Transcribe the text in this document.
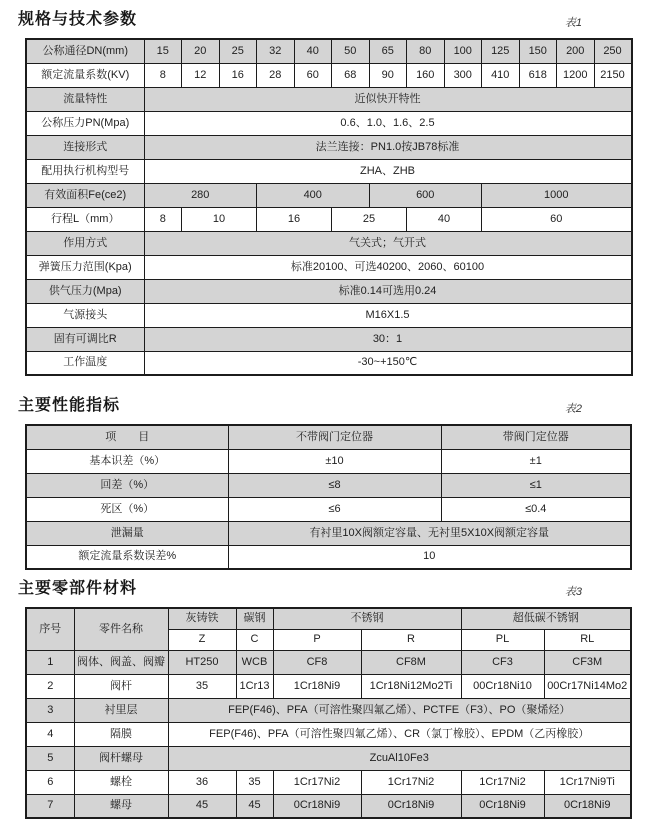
规格与技术参数	表1
公称通径DN(mm)	15	20	25	32	40	50	65	80	100	125	150	200	250
额定流量系数(KV)	8	12	16	28	60	68	90	160	300	410	618	1200	2150
流量特性	近似快开特性												
公称压力PN(Mpa)	0.6、1.0、1.6、2.5												
连接形式	法兰连接：PN1.0按JB78标准												
配用执行机构型号	ZHA、ZHB												
有效面积Fe(ce2)	280			400			600			1000			
行程L（mm）	8	10		16		25		40		60			
作用方式	气关式；气开式												
弹簧压力范围(Kpa)	标准20100、可选40200、2060、60100												
供气压力(Mpa)	标准0.14可选用0.24												
气源接头	M16X1.5												
固有可调比R	30：1												
工作温度	-30~+150℃												
主要性能指标	表2
项　　目	不带阀门定位器	带阀门定位器
基本识差（%）	±10	±1
回差（%）	≤8	≤1
死区（%）	≤6	≤0.4
泄漏量	有衬里10X阀额定容量、无衬里5X10X阀额定容量	
额定流量系数误差%	10	
主要零部件材料	表3
序号	零件名称	灰铸铁	碳钢	不锈钢		超低碳不锈钢	
		Z	C	P	R	PL	RL
1	阀体、阀盖、阀瓣	HT250	WCB	CF8	CF8M	CF3	CF3M
2	阀杆	35	1Cr13	1Cr18Ni9	1Cr18Ni12Mo2Ti	00Cr18Ni10	00Cr17Ni14Mo2
3	衬里层	FEP(F46)、PFA（可溶性聚四氟乙烯）、PCTFE（F3）、PO（聚烯烃）					
4	隔膜	FEP(F46)、PFA（可溶性聚四氟乙烯）、CR（氯丁橡胶）、EPDM（乙丙橡胶）					
5	阀杆螺母	ZcuAl10Fe3					
6	螺栓	36	35	1Cr17Ni2	1Cr17Ni2	1Cr17Ni2	1Cr17Ni9Ti
7	螺母	45	45	0Cr18Ni9	0Cr18Ni9	0Cr18Ni9	0Cr18Ni9
